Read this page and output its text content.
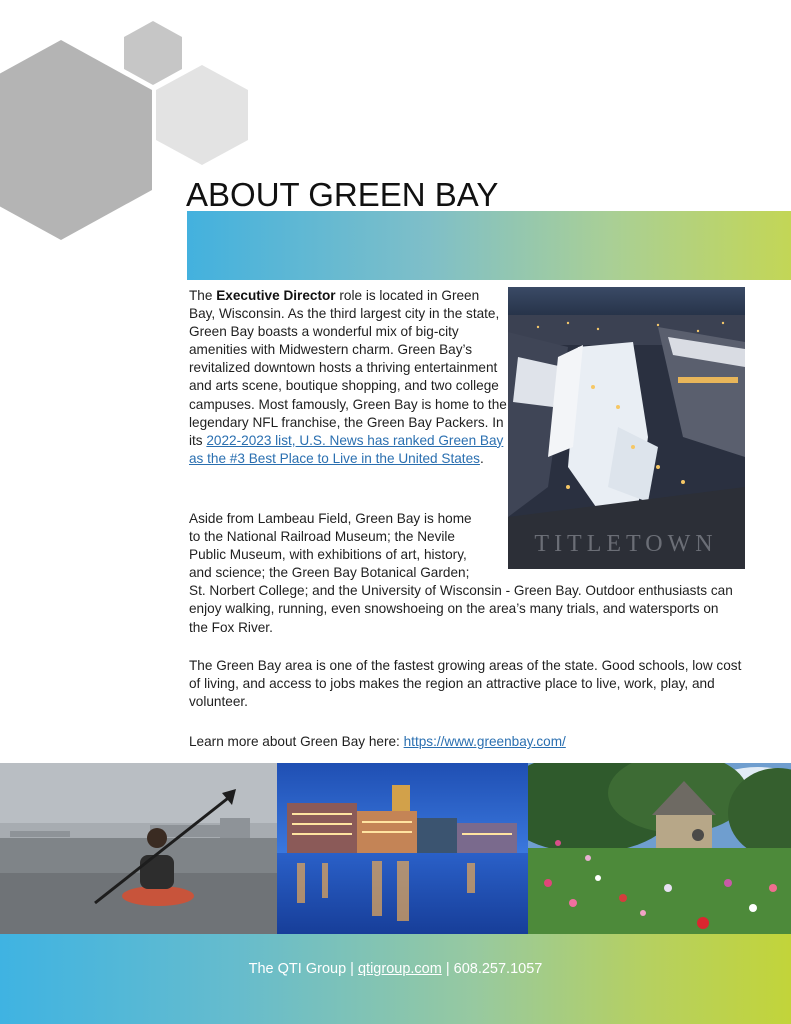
ABOUT GREEN BAY

The Executive Director role is located in Green Bay, Wisconsin. As the third largest city in the state, Green Bay boasts a wonderful mix of big-city amenities with Midwestern charm. Green Bay’s revitalized downtown hosts a thriving entertainment and arts scene, boutique shopping, and two college campuses. Most famously, Green Bay is home to the legendary NFL franchise, the Green Bay Packers. In its 2022-2023 list, U.S. News has ranked Green Bay as the #3 Best Place to Live in the United States.

TITLETOWN

Aside from Lambeau Field, Green Bay is home to the National Railroad Museum; the Nevile Public Museum, with exhibitions of art, history, and science; the Green Bay Botanical Garden; St. Norbert College; and the University of Wisconsin - Green Bay. Outdoor enthusiasts can enjoy walking, running, even snowshoeing on the area’s many trials, and watersports on the Fox River.

The Green Bay area is one of the fastest growing areas of the state. Good schools, low cost of living, and access to jobs makes the region an attractive place to live, work, play, and volunteer.

Learn more about Green Bay here: https://www.greenbay.com/

The QTI Group | qtigroup.com | 608.257.1057
